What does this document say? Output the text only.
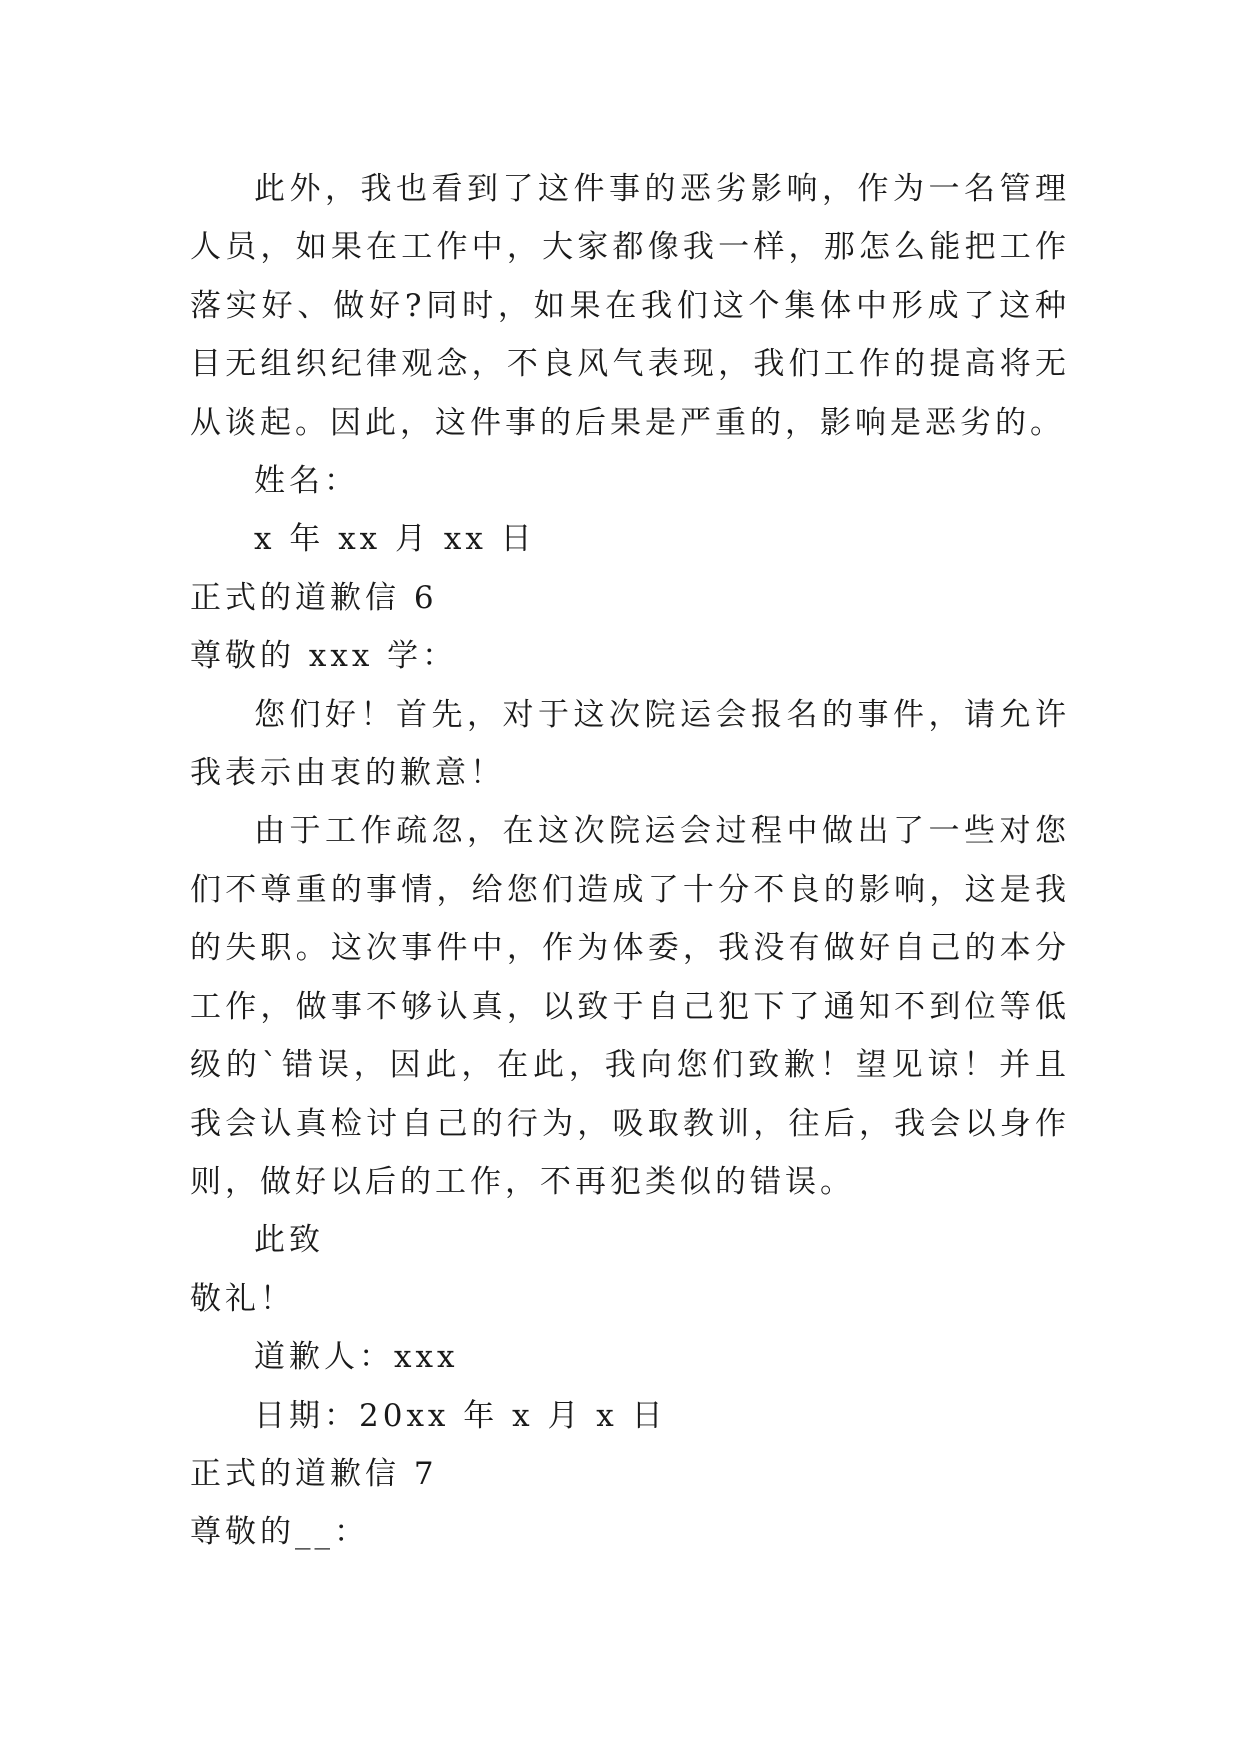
此外，我也看到了这件事的恶劣影响，作为一名管理人员，如果在工作中，大家都像我一样，那怎么能把工作落实好、做好?同时，如果在我们这个集体中形成了这种目无组织纪律观念，不良风气表现，我们工作的提高将无从谈起。因此，这件事的后果是严重的，影响是恶劣的。

姓名：

x 年 xx 月 xx 日

正式的道歉信 6

尊敬的 xxx 学：

您们好！首先，对于这次院运会报名的事件，请允许我表示由衷的歉意！

由于工作疏忽，在这次院运会过程中做出了一些对您们不尊重的事情，给您们造成了十分不良的影响，这是我的失职。这次事件中，作为体委，我没有做好自己的本分工作，做事不够认真，以致于自己犯下了通知不到位等低级的`错误，因此，在此，我向您们致歉！望见谅！并且我会认真检讨自己的行为，吸取教训，往后，我会以身作则，做好以后的工作，不再犯类似的错误。

此致

敬礼！

道歉人：xxx

日期：20xx 年 x 月 x 日

正式的道歉信 7

尊敬的__：
